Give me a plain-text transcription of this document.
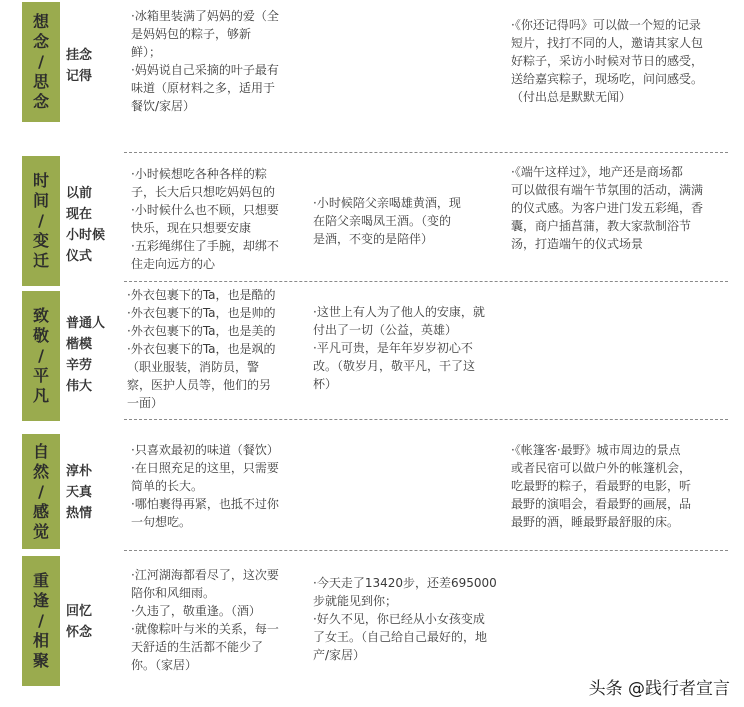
想
念
/
思
念
挂念
记得
·冰箱里装满了妈妈的爱（全
是妈妈包的粽子，够新
鲜）；
·妈妈说自己采摘的叶子最有
味道（原材料之多，适用于
餐饮/家居）
·《你还记得吗》可以做一个短的记录
短片，找打不同的人，邀请其家人包
好粽子，采访小时候对节日的感受，
送给嘉宾粽子，现场吃，问问感受。
（付出总是默默无闻）
时
间
/
变
迁
以前
现在
小时候
仪式
·小时候想吃各种各样的粽
子，长大后只想吃妈妈包的
·小时候什么也不顾，只想要
快乐，现在只想要安康
·五彩绳绑住了手腕，却绑不
住走向远方的心
·小时候陪父亲喝雄黄酒，现
在陪父亲喝凤王酒。（变的
是酒，不变的是陪伴）
·《端午这样过》，地产还是商场都
可以做很有端午节氛围的活动，满满
的仪式感。为客户进门发五彩绳，香
囊，商户插菖蒲，教大家款制浴节
汤，打造端午的仪式场景
致
敬
/
平
凡
普通人
楷模
辛劳
伟大
·外衣包裹下的Ta，也是酷的
·外衣包裹下的Ta，也是帅的
·外衣包裹下的Ta，也是美的
·外衣包裹下的Ta，也是飒的
（职业服装，消防员，警
察，医护人员等，他们的另
一面）
·这世上有人为了他人的安康，就
付出了一切（公益，英雄）
·平凡可贵，是年年岁岁初心不
改。（敬岁月，敬平凡，干了这
杯）
自
然
/
感
觉
淳朴
天真
热情
·只喜欢最初的味道（餐饮）
·在日照充足的这里，只需要
简单的长大。
·哪怕裹得再紧，也抵不过你
一句想吃。
·《帐篷客·最野》城市周边的景点
或者民宿可以做户外的帐篷机会，
吃最野的粽子，看最野的电影，听
最野的演唱会，看最野的画展，品
最野的酒，睡最野最舒服的床。
重
逢
/
相
聚
回忆
怀念
·江河湖海都看尽了，这次要
陪你和风细雨。
·久违了，敬重逢。（酒）
·就像粽叶与米的关系，每一
天舒适的生活都不能少了
你。（家居）
·今天走了13420步，还差695000
步就能见到你；
·好久不见，你已经从小女孩变成
了女王。（自己给自己最好的，地
产/家居）
头条 @践行者宣言
